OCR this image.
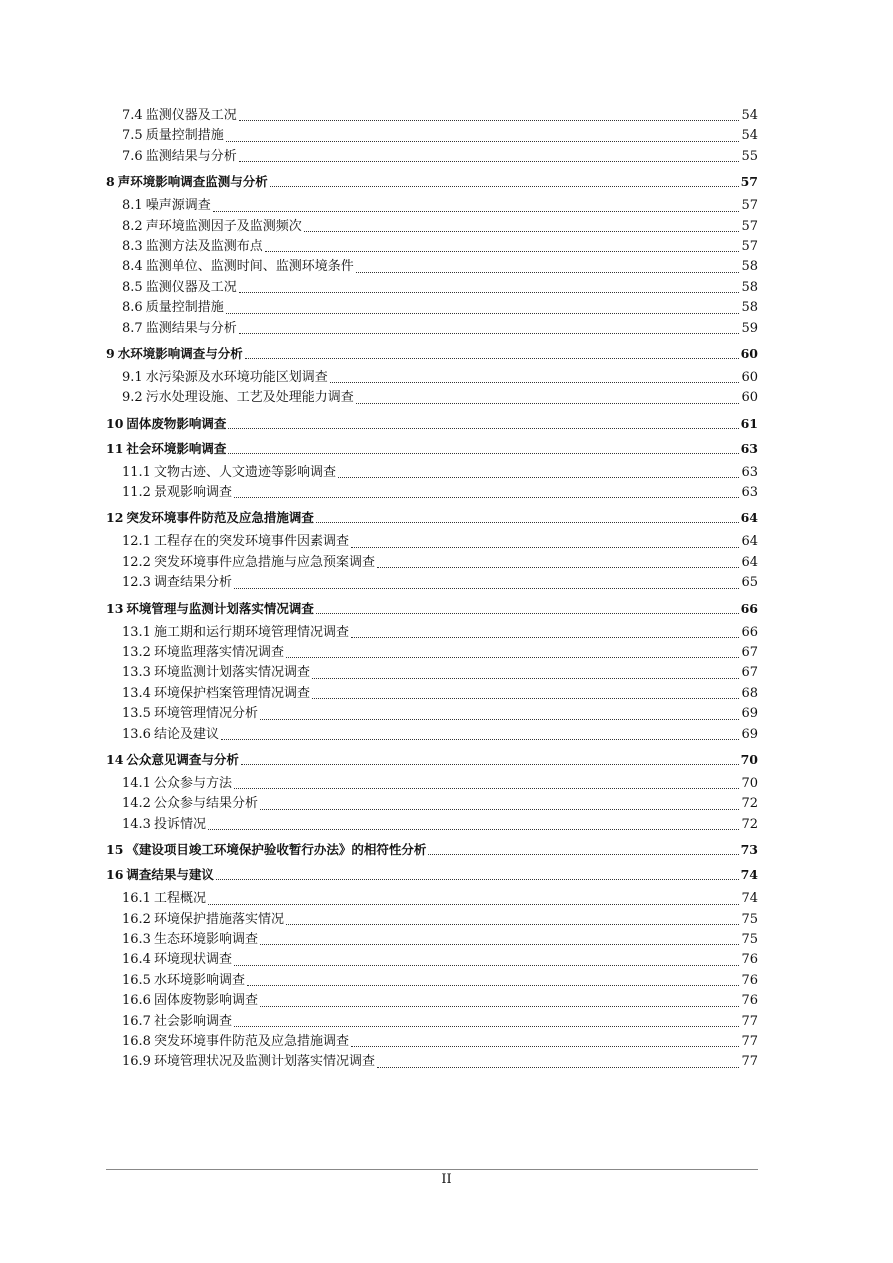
7.4 监测仪器及工况	54
7.5 质量控制措施	54
7.6 监测结果与分析	55
8 声环境影响调查监测与分析	57
8.1 噪声源调查	57
8.2 声环境监测因子及监测频次	57
8.3 监测方法及监测布点	57
8.4 监测单位、监测时间、监测环境条件	58
8.5 监测仪器及工况	58
8.6 质量控制措施	58
8.7 监测结果与分析	59
9 水环境影响调查与分析	60
9.1 水污染源及水环境功能区划调查	60
9.2 污水处理设施、工艺及处理能力调查	60
10 固体废物影响调查	61
11 社会环境影响调查	63
11.1 文物古迹、人文遗迹等影响调查	63
11.2 景观影响调查	63
12 突发环境事件防范及应急措施调查	64
12.1 工程存在的突发环境事件因素调查	64
12.2 突发环境事件应急措施与应急预案调查	64
12.3 调查结果分析	65
13 环境管理与监测计划落实情况调查	66
13.1 施工期和运行期环境管理情况调查	66
13.2 环境监理落实情况调查	67
13.3 环境监测计划落实情况调查	67
13.4 环境保护档案管理情况调查	68
13.5 环境管理情况分析	69
13.6 结论及建议	69
14 公众意见调查与分析	70
14.1 公众参与方法	70
14.2 公众参与结果分析	72
14.3 投诉情况	72
15 《建设项目竣工环境保护验收暂行办法》的相符性分析	73
16 调查结果与建议	74
16.1 工程概况	74
16.2 环境保护措施落实情况	75
16.3 生态环境影响调查	75
16.4 环境现状调查	76
16.5 水环境影响调查	76
16.6 固体废物影响调查	76
16.7 社会影响调查	77
16.8 突发环境事件防范及应急措施调查	77
16.9 环境管理状况及监测计划落实情况调查	77
II
